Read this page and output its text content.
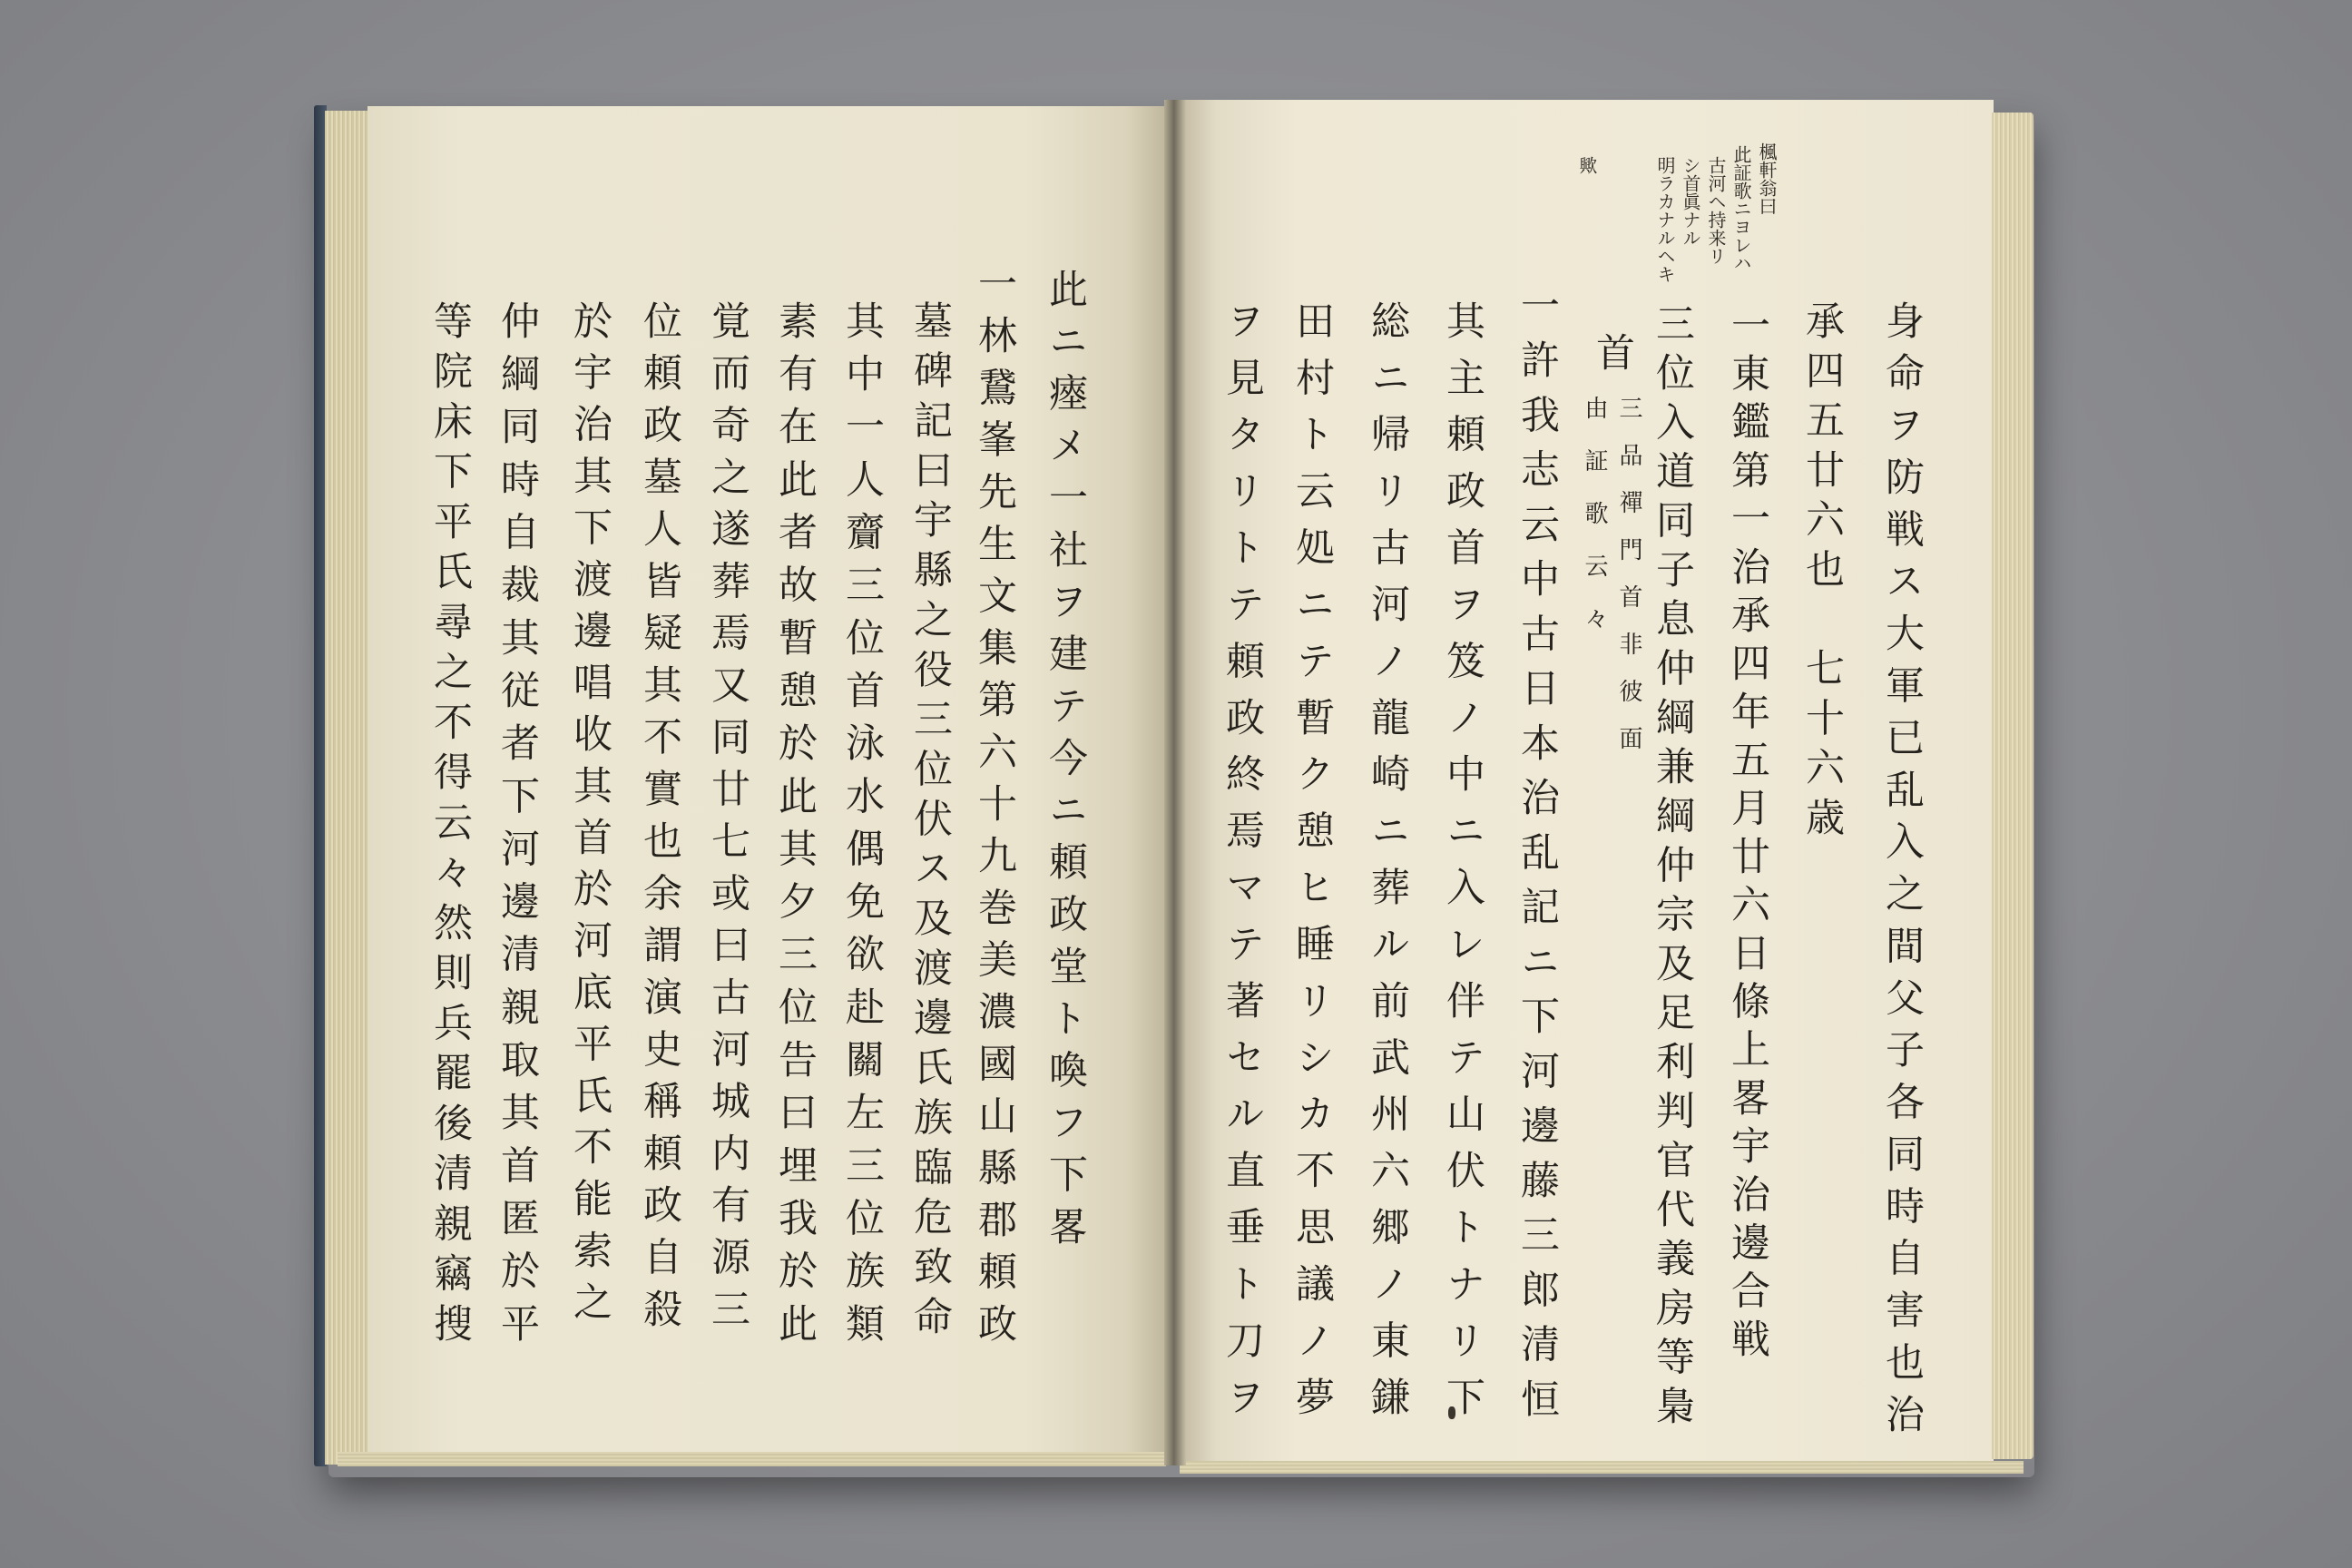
楓軒翁曰
此証歌ニヨレハ
古河ヘ持来リ
シ首眞ナル
明ラカナルヘキ
歟
身命ヲ防戦ス大軍已乱入之間父子各同時自害也治
承四五廿六也　七十六歳
一東鑑第一治承四年五月廿六日條上畧宇治邊合戦
三位入道同子息仲綱兼綱仲宗及足利判官代義房等梟
首
三品禪門首非彼面
由証歌云々
一許我志云中古日本治乱記ニ下河邊藤三郎清恒
其主頼政首ヲ笈ノ中ニ入レ伴テ山伏トナリ下
総ニ帰リ古河ノ龍崎ニ葬ル前武州六郷ノ東鎌
田村ト云処ニテ暫ク憩ヒ睡リシカ不思議ノ夢
ヲ見タリトテ頼政終焉マテ著セル直垂ト刀ヲ
此ニ瘞メ一社ヲ建テ今ニ頼政堂ト喚フ下畧
一林鵞峯先生文集第六十九巻美濃國山縣郡頼政
墓碑記曰宇縣之役三位伏ス及渡邊氏族臨危致命
其中一人齎三位首泳水偶免欲赴關左三位族類
素有在此者故暫憩於此其夕三位告曰埋我於此
覚而奇之遂葬焉又同廿七或曰古河城内有源三
位頼政墓人皆疑其不實也余謂演史稱頼政自殺
於宇治其下渡邊唱收其首於河底平氏不能索之
仲綱同時自裁其従者下河邊清親取其首匿於平
等院床下平氏尋之不得云々然則兵罷後清親竊搜
